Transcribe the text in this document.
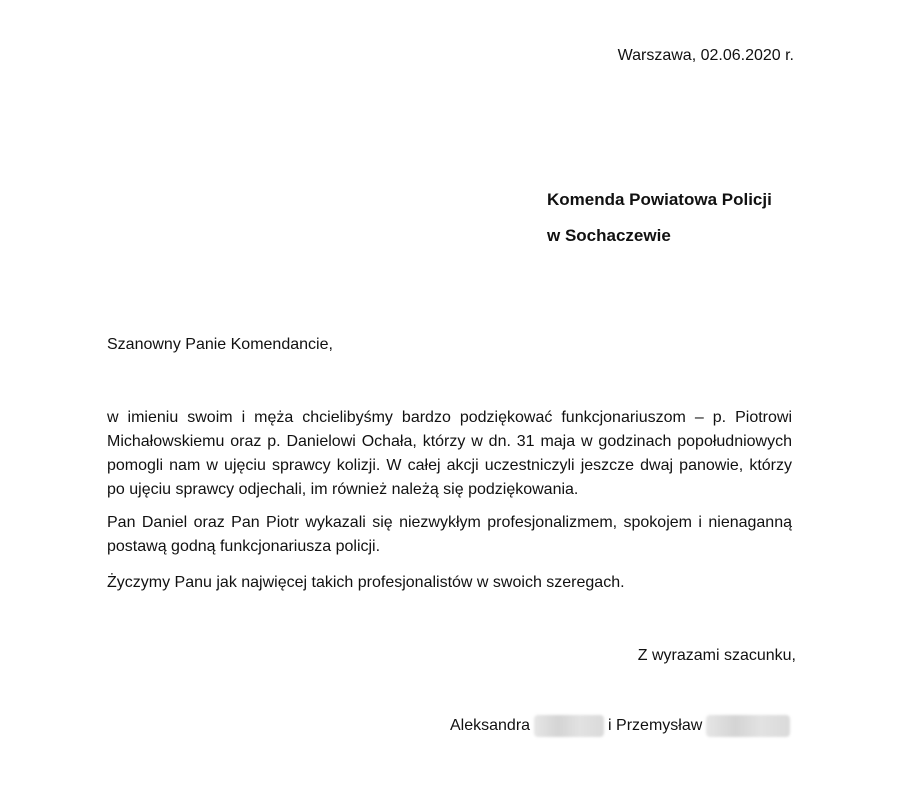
Warszawa, 02.06.2020 r.
Komenda Powiatowa Policji
w Sochaczewie
Szanowny Panie Komendancie,
w imieniu swoim i męża chcielibyśmy bardzo podziękować funkcjonariuszom – p. Piotrowi Michałowskiemu oraz p. Danielowi Ochała, którzy w dn. 31 maja w godzinach popołudniowych pomogli nam w ujęciu sprawcy kolizji. W całej akcji uczestniczyli jeszcze dwaj panowie, którzy po ujęciu sprawcy odjechali, im również należą się podziękowania.
Pan Daniel oraz Pan Piotr wykazali się niezwykłym profesjonalizmem, spokojem i nienaganną postawą godną funkcjonariusza policji.
Życzymy Panu jak najwięcej takich profesjonalistów w swoich szeregach.
Z wyrazami szacunku,
Aleksandra	i Przemysław
